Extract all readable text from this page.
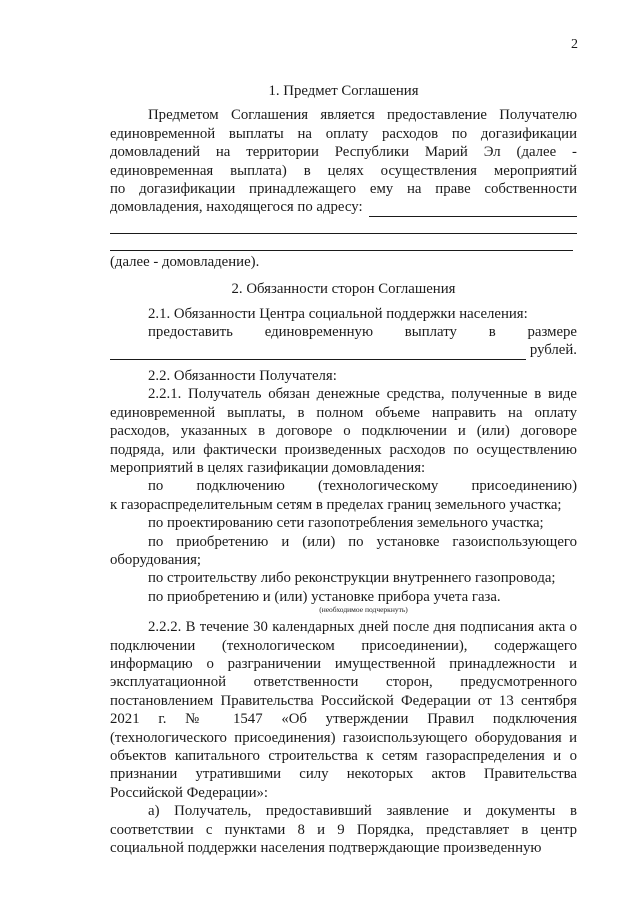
2

1. Предмет Соглашения

Предметом Соглашения является предоставление Получателю

единовременной выплаты на оплату расходов по догазификации

домовладений на территории Республики Марий Эл (далее -

единовременная выплата) в целях осуществления мероприятий

по догазификации принадлежащего ему на праве собственности

домовладения, находящегося по адресу:

(далее - домовладение).

2. Обязанности сторон Соглашения

2.1. Обязанности Центра социальной поддержки населения:

предоставить единовременную выплату в размере

рублей.

2.2. Обязанности Получателя:

2.2.1. Получатель обязан денежные средства, полученные в виде единовременной выплаты, в полном объеме направить на оплату расходов, указанных в договоре о подключении и (или) договоре подряда, или фактически произведенных расходов по осуществлению мероприятий в целях газификации домовладения:

по подключению (технологическому присоединению)

к газораспределительным сетям в пределах границ земельного участка;

по проектированию сети газопотребления земельного участка;

по приобретению и (или) по установке газоиспользующего оборудования;

по строительству либо реконструкции внутреннего газопровода;

по приобретению и (или) установке прибора учета газа.

(необходимое подчеркнуть)

2.2.2. В течение 30 календарных дней после дня подписания акта о подключении (технологическом присоединении), содержащего информацию о разграничении имущественной принадлежности и эксплуатационной ответственности сторон, предусмотренного постановлением Правительства Российской Федерации от 13 сентября 2021 г. № 1547 «Об утверждении Правил подключения (технологического присоединения) газоиспользующего оборудования и объектов капитального строительства к сетям газораспределения и о признании утратившими силу некоторых актов Правительства Российской Федерации»:

а) Получатель, предоставивший заявление и документы в соответствии с пунктами 8 и 9 Порядка, представляет в центр социальной поддержки населения подтверждающие произведенную
